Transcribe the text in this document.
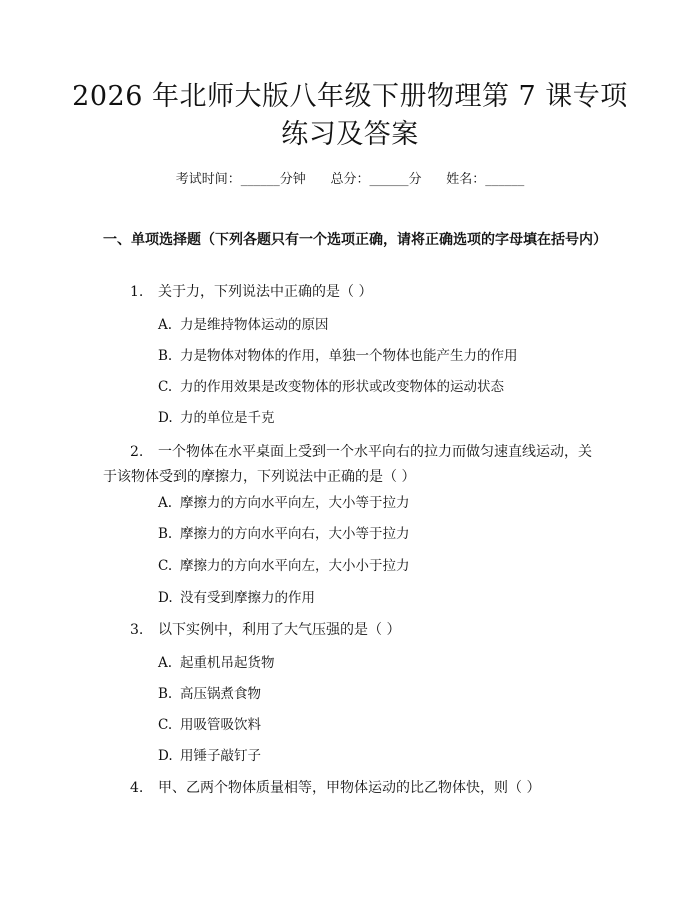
2026 年北师大版八年级下册物理第 7 课专项
练习及答案
考试时间：______分钟      总分：______分      姓名：______
一、单项选择题（下列各题只有一个选项正确，请将正确选项的字母填在括号内）
1. 关于力，下列说法中正确的是（ ）
A. 力是维持物体运动的原因
B. 力是物体对物体的作用，单独一个物体也能产生力的作用
C. 力的作用效果是改变物体的形状或改变物体的运动状态
D. 力的单位是千克
2. 一个物体在水平桌面上受到一个水平向右的拉力而做匀速直线运动，关于该物体受到的摩擦力，下列说法中正确的是（ ）
A. 摩擦力的方向水平向左，大小等于拉力
B. 摩擦力的方向水平向右，大小等于拉力
C. 摩擦力的方向水平向左，大小小于拉力
D. 没有受到摩擦力的作用
3. 以下实例中，利用了大气压强的是（ ）
A. 起重机吊起货物
B. 高压锅煮食物
C. 用吸管吸饮料
D. 用锤子敲钉子
4. 甲、乙两个物体质量相等，甲物体运动的比乙物体快，则（ ）
